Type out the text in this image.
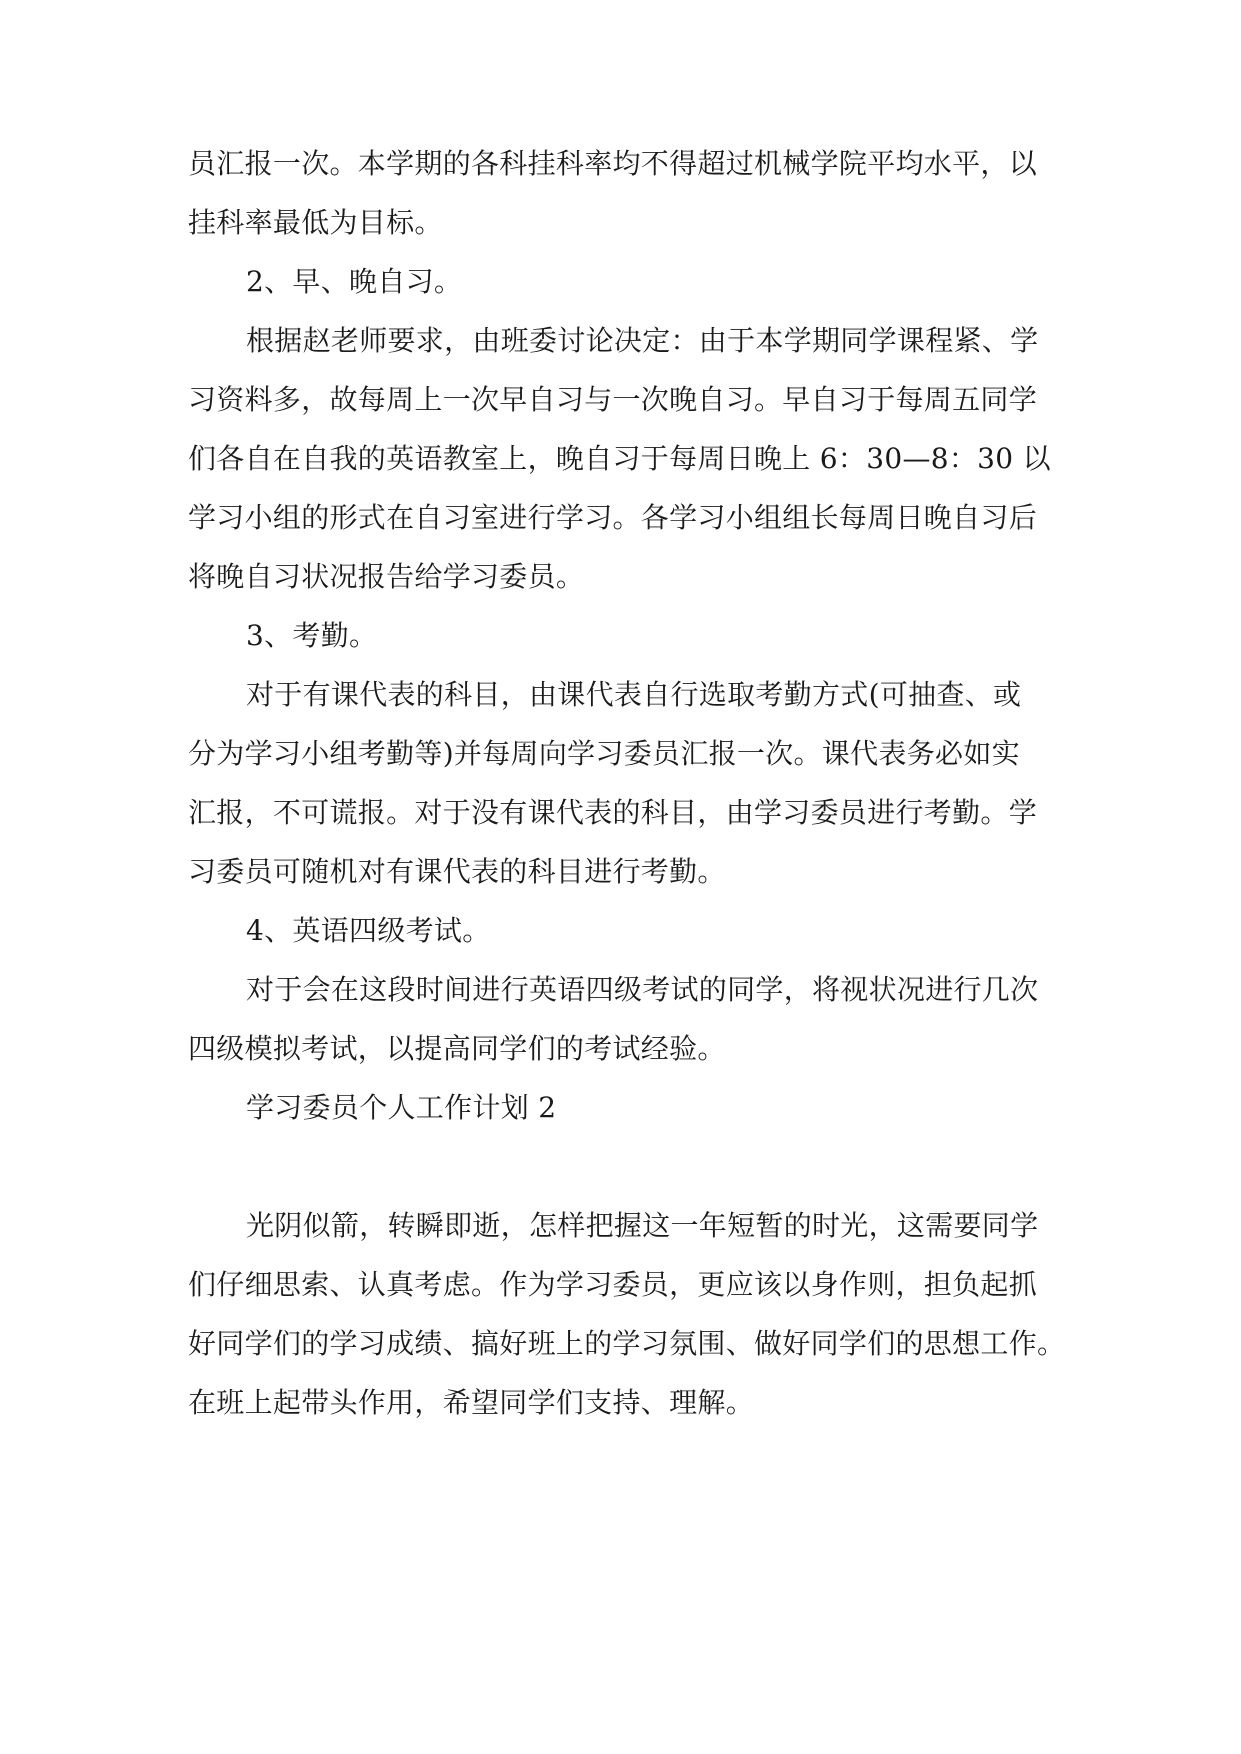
员汇报一次。本学期的各科挂科率均不得超过机械学院平均水平，以

挂科率最低为目标。

2、早、晚自习。

根据赵老师要求，由班委讨论决定：由于本学期同学课程紧、学

习资料多，故每周上一次早自习与一次晚自习。早自习于每周五同学

们各自在自我的英语教室上，晚自习于每周日晚上 6：30—8：30 以

学习小组的形式在自习室进行学习。各学习小组组长每周日晚自习后

将晚自习状况报告给学习委员。

3、考勤。

对于有课代表的科目，由课代表自行选取考勤方式(可抽查、或

分为学习小组考勤等)并每周向学习委员汇报一次。课代表务必如实

汇报，不可谎报。对于没有课代表的科目，由学习委员进行考勤。学

习委员可随机对有课代表的科目进行考勤。

4、英语四级考试。

对于会在这段时间进行英语四级考试的同学，将视状况进行几次

四级模拟考试，以提高同学们的考试经验。

学习委员个人工作计划 2

光阴似箭，转瞬即逝，怎样把握这一年短暂的时光，这需要同学

们仔细思索、认真考虑。作为学习委员，更应该以身作则，担负起抓

好同学们的学习成绩、搞好班上的学习氛围、做好同学们的思想工作。

在班上起带头作用，希望同学们支持、理解。
